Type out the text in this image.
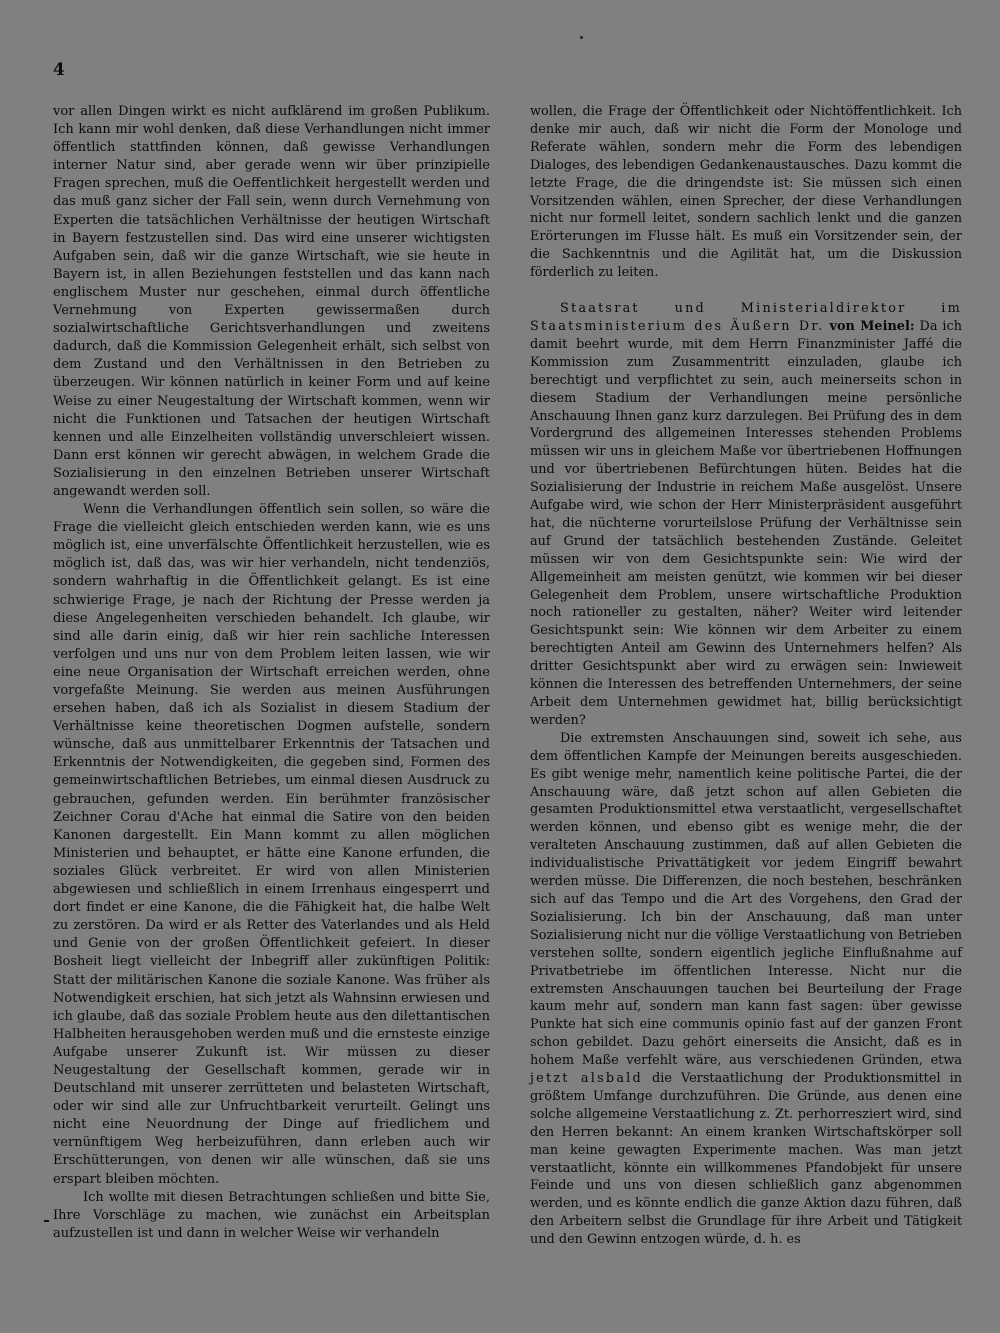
4

vor allen Dingen wirkt es nicht aufklärend im großen Publikum. Ich kann mir wohl denken, daß diese Verhandlungen nicht immer öffentlich stattfinden können, daß gewisse Verhandlungen interner Natur sind, aber gerade wenn wir über prinzipielle Fragen sprechen, muß die Oeffentlichkeit hergestellt werden und das muß ganz sicher der Fall sein, wenn durch Vernehmung von Experten die tatsächlichen Verhältnisse der heutigen Wirtschaft in Bayern festzustellen sind. Das wird eine unserer wichtigsten Aufgaben sein, daß wir die ganze Wirtschaft, wie sie heute in Bayern ist, in allen Beziehungen feststellen und das kann nach englischem Muster nur geschehen, einmal durch öffentliche Vernehmung von Experten gewissermaßen durch sozialwirtschaftliche Gerichtsverhandlungen und zweitens dadurch, daß die Kommission Gelegenheit erhält, sich selbst von dem Zustand und den Verhältnissen in den Betrieben zu überzeugen. Wir können natürlich in keiner Form und auf keine Weise zu einer Neugestaltung der Wirtschaft kommen, wenn wir nicht die Funktionen und Tatsachen der heutigen Wirtschaft kennen und alle Einzelheiten vollständig unverschleiert wissen. Dann erst können wir gerecht abwägen, in welchem Grade die Sozialisierung in den einzelnen Betrieben unserer Wirtschaft angewandt werden soll.

Wenn die Verhandlungen öffentlich sein sollen, so wäre die Frage die vielleicht gleich entschieden werden kann, wie es uns möglich ist, eine unverfälschte Öffentlichkeit herzustellen, wie es möglich ist, daß das, was wir hier verhandeln, nicht tendenziös, sondern wahrhaftig in die Öffentlichkeit gelangt. Es ist eine schwierige Frage, je nach der Richtung der Presse werden ja diese Angelegenheiten verschieden behandelt. Ich glaube, wir sind alle darin einig, daß wir hier rein sachliche Interessen verfolgen und uns nur von dem Problem leiten lassen, wie wir eine neue Organisation der Wirtschaft erreichen werden, ohne vorgefaßte Meinung. Sie werden aus meinen Ausführungen ersehen haben, daß ich als Sozialist in diesem Stadium der Verhältnisse keine theoretischen Dogmen aufstelle, sondern wünsche, daß aus unmittelbarer Erkenntnis der Tatsachen und Erkenntnis der Notwendigkeiten, die gegeben sind, Formen des gemeinwirtschaftlichen Betriebes, um einmal diesen Ausdruck zu gebrauchen, gefunden werden. Ein berühmter französischer Zeichner Corau d'Ache hat einmal die Satire von den beiden Kanonen dargestellt. Ein Mann kommt zu allen möglichen Ministerien und behauptet, er hätte eine Kanone erfunden, die soziales Glück verbreitet. Er wird von allen Ministerien abgewiesen und schließlich in einem Irrenhaus eingesperrt und dort findet er eine Kanone, die die Fähigkeit hat, die halbe Welt zu zerstören. Da wird er als Retter des Vaterlandes und als Held und Genie von der großen Öffentlichkeit gefeiert. In dieser Bosheit liegt vielleicht der Inbegriff aller zukünftigen Politik: Statt der militärischen Kanone die soziale Kanone. Was früher als Notwendigkeit erschien, hat sich jetzt als Wahnsinn erwiesen und ich glaube, daß das soziale Problem heute aus den dilettantischen Halbheiten herausgehoben werden muß und die ernsteste einzige Aufgabe unserer Zukunft ist. Wir müssen zu dieser Neugestaltung der Gesellschaft kommen, gerade wir in Deutschland mit unserer zerrütteten und belasteten Wirtschaft, oder wir sind alle zur Unfruchtbarkeit verurteilt. Gelingt uns nicht eine Neuordnung der Dinge auf friedlichem und vernünftigem Weg herbeizuführen, dann erleben auch wir Erschütterungen, von denen wir alle wünschen, daß sie uns erspart bleiben möchten.

Ich wollte mit diesen Betrachtungen schließen und bitte Sie, Ihre Vorschläge zu machen, wie zunächst ein Arbeitsplan aufzustellen ist und dann in welcher Weise wir verhandeln

wollen, die Frage der Öffentlichkeit oder Nichtöffentlichkeit. Ich denke mir auch, daß wir nicht die Form der Monologe und Referate wählen, sondern mehr die Form des lebendigen Dialoges, des lebendigen Gedankenaustausches. Dazu kommt die letzte Frage, die die dringendste ist: Sie müssen sich einen Vorsitzenden wählen, einen Sprecher, der diese Verhandlungen nicht nur formell leitet, sondern sachlich lenkt und die ganzen Erörterungen im Flusse hält. Es muß ein Vorsitzender sein, der die Sachkenntnis und die Agilität hat, um die Diskussion förderlich zu leiten.

Staatsrat und Ministerialdirektor im Staatsministerium des Äußern Dr. von Meinel: Da ich damit beehrt wurde, mit dem Herrn Finanzminister Jaffé die Kommission zum Zusammentritt einzuladen, glaube ich berechtigt und verpflichtet zu sein, auch meinerseits schon in diesem Stadium der Verhandlungen meine persönliche Anschauung Ihnen ganz kurz darzulegen. Bei Prüfung des in dem Vordergrund des allgemeinen Interesses stehenden Problems müssen wir uns in gleichem Maße vor übertriebenen Hoffnungen und vor übertriebenen Befürchtungen hüten. Beides hat die Sozialisierung der Industrie in reichem Maße ausgelöst. Unsere Aufgabe wird, wie schon der Herr Ministerpräsident ausgeführt hat, die nüchterne vorurteilslose Prüfung der Verhältnisse sein auf Grund der tatsächlich bestehenden Zustände. Geleitet müssen wir von dem Gesichtspunkte sein: Wie wird der Allgemeinheit am meisten genützt, wie kommen wir bei dieser Gelegenheit dem Problem, unsere wirtschaftliche Produktion noch rationeller zu gestalten, näher? Weiter wird leitender Gesichtspunkt sein: Wie können wir dem Arbeiter zu einem berechtigten Anteil am Gewinn des Unternehmers helfen? Als dritter Gesichtspunkt aber wird zu erwägen sein: Inwieweit können die Interessen des betreffenden Unternehmers, der seine Arbeit dem Unternehmen gewidmet hat, billig berücksichtigt werden?

Die extremsten Anschauungen sind, soweit ich sehe, aus dem öffentlichen Kampfe der Meinungen bereits ausgeschieden. Es gibt wenige mehr, namentlich keine politische Partei, die der Anschauung wäre, daß jetzt schon auf allen Gebieten die gesamten Produktionsmittel etwa verstaatlicht, vergesellschaftet werden können, und ebenso gibt es wenige mehr, die der veralteten Anschauung zustimmen, daß auf allen Gebieten die individualistische Privattätigkeit vor jedem Eingriff bewahrt werden müsse. Die Differenzen, die noch bestehen, beschränken sich auf das Tempo und die Art des Vorgehens, den Grad der Sozialisierung. Ich bin der Anschauung, daß man unter Sozialisierung nicht nur die völlige Verstaatlichung von Betrieben verstehen sollte, sondern eigentlich jegliche Einflußnahme auf Privatbetriebe im öffentlichen Interesse. Nicht nur die extremsten Anschauungen tauchen bei Beurteilung der Frage kaum mehr auf, sondern man kann fast sagen: über gewisse Punkte hat sich eine communis opinio fast auf der ganzen Front schon gebildet. Dazu gehört einerseits die Ansicht, daß es in hohem Maße verfehlt wäre, aus verschiedenen Gründen, etwa jetzt alsbald die Verstaatlichung der Produktionsmittel in größtem Umfange durchzuführen. Die Gründe, aus denen eine solche allgemeine Verstaatlichung z. Zt. perhorresziert wird, sind den Herren bekannt: An einem kranken Wirtschaftskörper soll man keine gewagten Experimente machen. Was man jetzt verstaatlicht, könnte ein willkommenes Pfandobjekt für unsere Feinde und uns von diesen schließlich ganz abgenommen werden, und es könnte endlich die ganze Aktion dazu führen, daß den Arbeitern selbst die Grundlage für ihre Arbeit und Tätigkeit und den Gewinn entzogen würde, d. h. es
